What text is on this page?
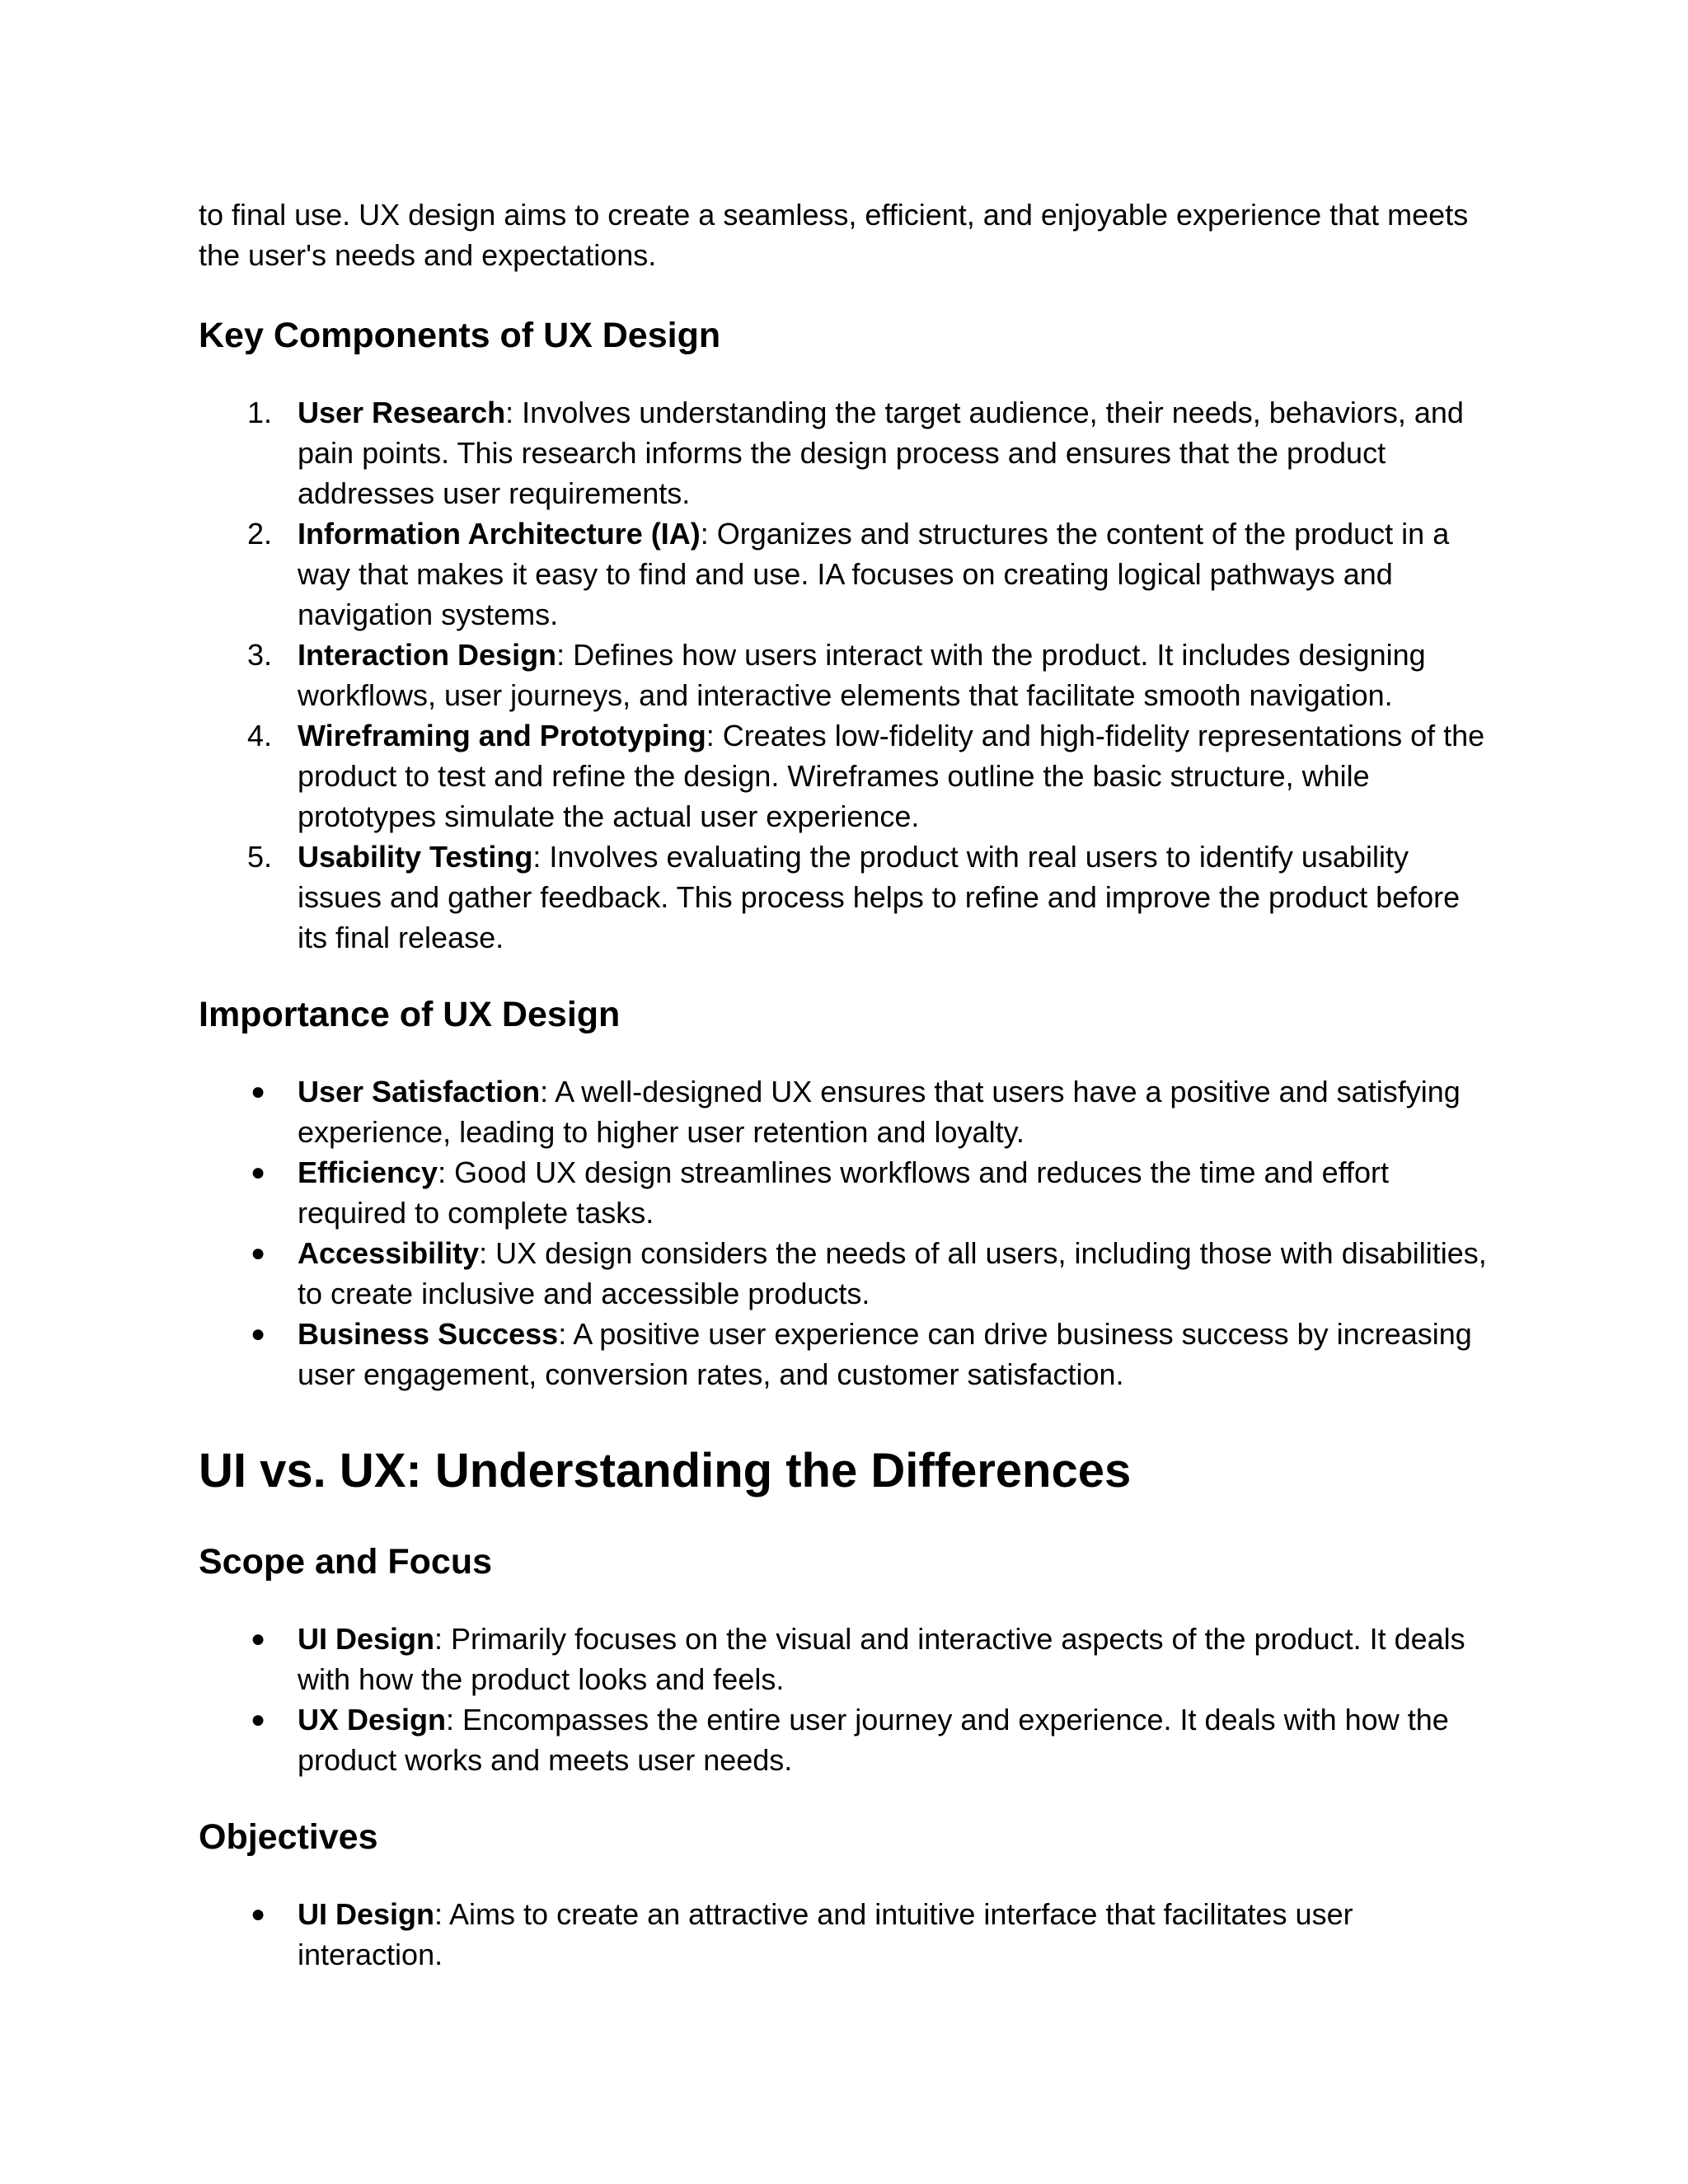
to final use. UX design aims to create a seamless, efficient, and enjoyable experience that meets the user's needs and expectations.

Key Components of UX Design
1. User Research: Involves understanding the target audience, their needs, behaviors, and pain points. This research informs the design process and ensures that the product addresses user requirements.
2. Information Architecture (IA): Organizes and structures the content of the product in a way that makes it easy to find and use. IA focuses on creating logical pathways and navigation systems.
3. Interaction Design: Defines how users interact with the product. It includes designing workflows, user journeys, and interactive elements that facilitate smooth navigation.
4. Wireframing and Prototyping: Creates low-fidelity and high-fidelity representations of the product to test and refine the design. Wireframes outline the basic structure, while prototypes simulate the actual user experience.
5. Usability Testing: Involves evaluating the product with real users to identify usability issues and gather feedback. This process helps to refine and improve the product before its final release.
Importance of UX Design
● User Satisfaction: A well-designed UX ensures that users have a positive and satisfying experience, leading to higher user retention and loyalty.
● Efficiency: Good UX design streamlines workflows and reduces the time and effort required to complete tasks.
● Accessibility: UX design considers the needs of all users, including those with disabilities, to create inclusive and accessible products.
● Business Success: A positive user experience can drive business success by increasing user engagement, conversion rates, and customer satisfaction.
UI vs. UX: Understanding the Differences
Scope and Focus
● UI Design: Primarily focuses on the visual and interactive aspects of the product. It deals with how the product looks and feels.
● UX Design: Encompasses the entire user journey and experience. It deals with how the product works and meets user needs.
Objectives
● UI Design: Aims to create an attractive and intuitive interface that facilitates user interaction.
